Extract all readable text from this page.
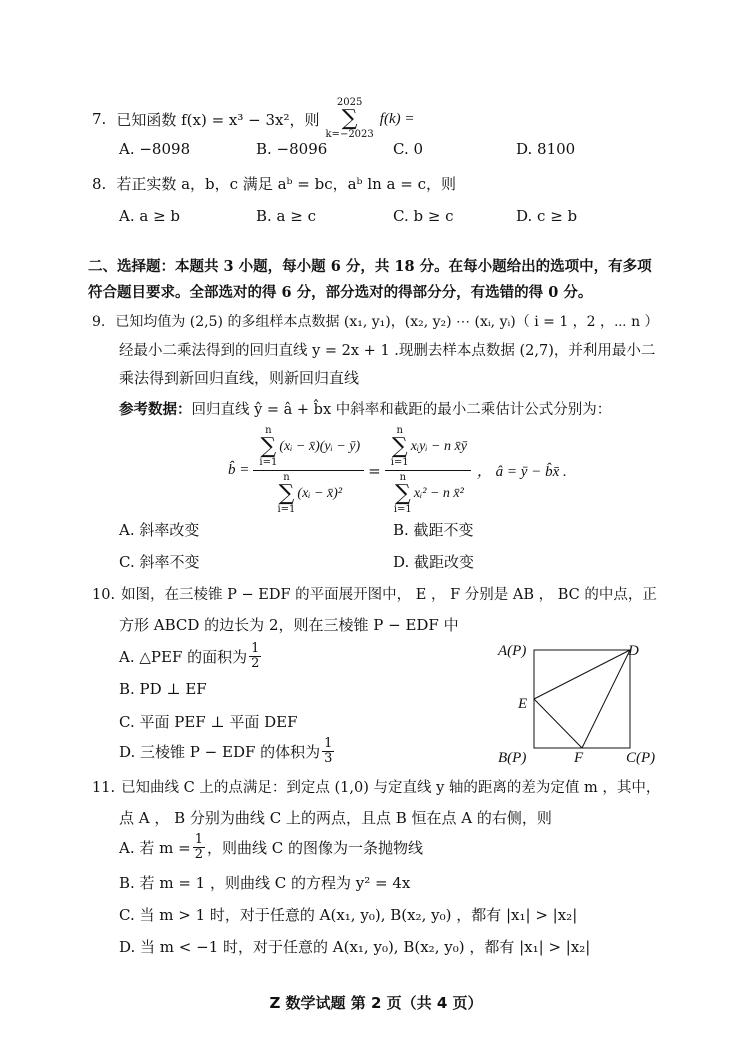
7. 已知函数 f(x) = x³ − 3x²，则
2025
∑
k=−2023
f(k) =
A. −8098	B. −8096	C. 0	D. 8100
8. 若正实数 a，b，c 满足 aᵇ = bc，aᵇ ln a = c，则
A. a ≥ b	B. a ≥ c	C. b ≥ c	D. c ≥ b
二、选择题：本题共 3 小题，每小题 6 分，共 18 分。在每小题给出的选项中，有多项
符合题目要求。全部选对的得 6 分，部分选对的得部分分，有选错的得 0 分。
9. 已知均值为 (2,5) 的多组样本点数据 (x₁, y₁)，(x₂, y₂) ⋯ (xᵢ, yᵢ)（ i = 1 ，2 ，⋯ n ）
经最小二乘法得到的回归直线 y = 2x + 1 .现删去样本点数据 (2,7)，并利用最小二
乘法得到新回归直线，则新回归直线
参考数据：回归直线 ŷ = â + b̂x 中斜率和截距的最小二乘估计公式分别为：
b̂ = n
∑
i=1
(xᵢ − x̄)(yᵢ − ȳ)
n
∑
i=1
(xᵢ − x̄)² =
n
∑
i=1
xᵢyᵢ − n x̄ȳ
n
∑
i=1
xᵢ² − n x̄²
， â = ȳ − b̂x̄ .
A. 斜率改变	B. 截距不变
C. 斜率不变	D. 截距改变
10. 如图，在三棱锥 P − EDF 的平面展开图中， E ， F 分别是 AB ， BC 的中点，正
方形 ABCD 的边长为 2，则在三棱锥 P − EDF 中
A. △PEF 的面积为 $\frac{1}{2}$
B. PD ⊥ EF
C. 平面 PEF ⊥ 平面 DEF
D. 三棱锥 P − EDF 的体积为 $\frac{1}{3}$
A(P)	D
E
B(P)	F	C(P)
11. 已知曲线 C 上的点满足：到定点 (1,0) 与定直线 y 轴的距离的差为定值 m ，其中，
点 A ， B 分别为曲线 C 上的两点，且点 B 恒在点 A 的右侧，则
A. 若 $m = \frac{1}{2}$ ，则曲线 C 的图像为一条抛物线
B. 若 m = 1 ，则曲线 C 的方程为 y² = 4x
C. 当 m > 1 时，对于任意的 A(x₁, y₀), B(x₂, y₀) ，都有 |x₁| > |x₂|
D. 当 m < −1 时，对于任意的 A(x₁, y₀), B(x₂, y₀) ，都有 |x₁| > |x₂|
Z 数学试题 第 2 页（共 4 页）
